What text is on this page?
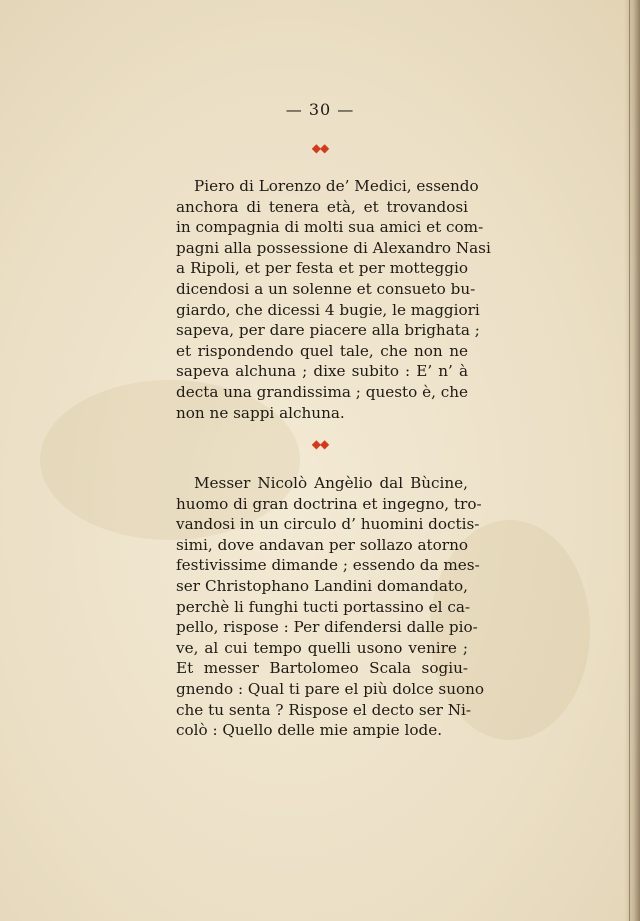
— 30 —
◆◆
Piero di Lorenzo de’ Medici, essendo
anchora di tenera età, et trovandosi
in compagnia di molti sua amici et com-
pagni alla possessione di Alexandro Nasi
a Ripoli, et per festa et per motteggio
dicendosi a un solenne et consueto bu-
giardo, che dicessi 4 bugie, le maggiori
sapeva, per dare piacere alla brighata ;
et rispondendo quel tale, che non ne
sapeva alchuna ; dixe subito : E’ n’ à
decta una grandissima ; questo è, che
non ne sappi alchuna.
◆◆
Messer Nicolò Angèlio dal Bùcine,
huomo di gran doctrina et ingegno, tro-
vandosi in un circulo d’ huomini doctis-
simi, dove andavan per sollazo atorno
festivissime dimande ; essendo da mes-
ser Christophano Landini domandato,
perchè li funghi tucti portassino el ca-
pello, rispose : Per difendersi dalle pio-
ve, al cui tempo quelli usono venire ;
Et messer Bartolomeo Scala sogiu-
gnendo : Qual ti pare el più dolce suono
che tu senta ? Rispose el decto ser Ni-
colò : Quello delle mie ampie lode.
